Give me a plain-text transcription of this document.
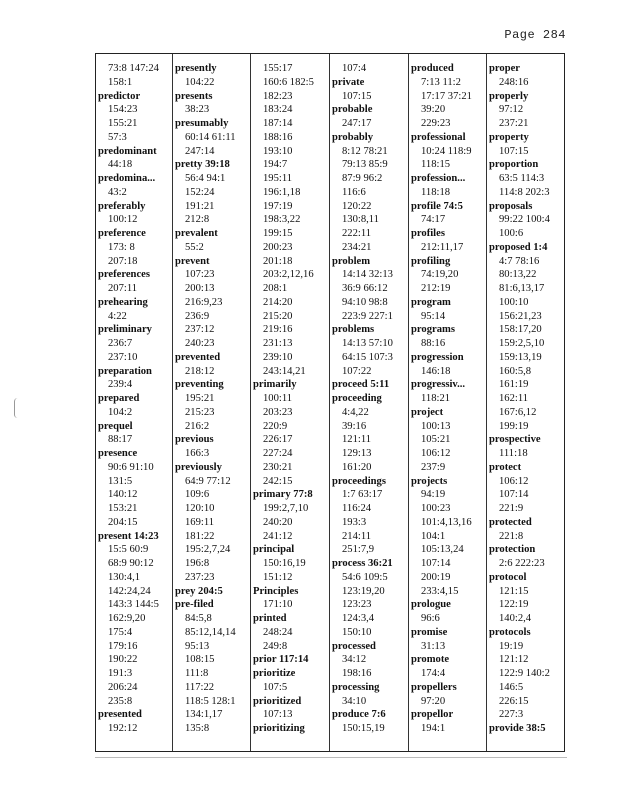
Page 284
73:8 147:24
158:1
predictor
154:23
155:21
57:3
predominant
44:18
predomina...
43:2
preferably
100:12
preference
173: 8
207:18
preferences
207:11
prehearing
4:22
preliminary
236:7
237:10
preparation
239:4
prepared
104:2
prequel
88:17
presence
90:6 91:10
131:5
140:12
153:21
204:15
present 14:23
15:5 60:9
68:9 90:12
130:4,1
142:24,24
143:3 144:5
162:9,20
175:4
179:16
190:22
191:3
206:24
235:8
presented
192:12
presently
104:22
presents
38:23
presumably
60:14 61:11
247:14
pretty 39:18
56:4 94:1
152:24
191:21
212:8
prevalent
55:2
prevent
107:23
200:13
216:9,23
236:9
237:12
240:23
prevented
218:12
preventing
195:21
215:23
216:2
previous
166:3
previously
64:9 77:12
109:6
120:10
169:11
181:22
195:2,7,24
196:8
237:23
prey 204:5
pre-filed
84:5,8
85:12,14,14
95:13
108:15
111:8
117:22
118:5 128:1
134:1,17
135:8
155:17
160:6 182:5
182:23
183:24
187:14
188:16
193:10
194:7
195:11
196:1,18
197:19
198:3,22
199:15
200:23
201:18
203:2,12,16
208:1
214:20
215:20
219:16
231:13
239:10
243:14,21
primarily
100:11
203:23
220:9
226:17
227:24
230:21
242:15
primary 77:8
199:2,7,10
240:20
241:12
principal
150:16,19
151:12
Principles
171:10
printed
248:24
249:8
prior 117:14
prioritize
107:5
prioritized
107:13
prioritizing
107:4
private
107:15
probable
247:17
probably
8:12 78:21
79:13 85:9
87:9 96:2
116:6
120:22
130:8,11
222:11
234:21
problem
14:14 32:13
36:9 66:12
94:10 98:8
223:9 227:1
problems
14:13 57:10
64:15 107:3
107:22
proceed 5:11
proceeding
4:4,22
39:16
121:11
129:13
161:20
proceedings
1:7 63:17
116:24
193:3
214:11
251:7,9
process 36:21
54:6 109:5
123:19,20
123:23
124:3,4
150:10
processed
34:12
198:16
processing
34:10
produce 7:6
150:15,19
produced
7:13 11:2
17:17 37:21
39:20
229:23
professional
10:24 118:9
118:15
profession...
118:18
profile 74:5
74:17
profiles
212:11,17
profiling
74:19,20
212:19
program
95:14
programs
88:16
progression
146:18
progressiv...
118:21
project
100:13
105:21
106:12
237:9
projects
94:19
100:23
101:4,13,16
104:1
105:13,24
107:14
200:19
233:4,15
prologue
96:6
promise
31:13
promote
174:4
propellers
97:20
propellor
194:1
proper
248:16
properly
97:12
237:21
property
107:15
proportion
63:5 114:3
114:8 202:3
proposals
99:22 100:4
100:6
proposed 1:4
4:7 78:16
80:13,22
81:6,13,17
100:10
156:21,23
158:17,20
159:2,5,10
159:13,19
160:5,8
161:19
162:11
167:6,12
199:19
prospective
111:18
protect
106:12
107:14
221:9
protected
221:8
protection
2:6 222:23
protocol
121:15
122:19
140:2,4
protocols
19:19
121:12
122:9 140:2
146:5
226:15
227:3
provide 38:5
